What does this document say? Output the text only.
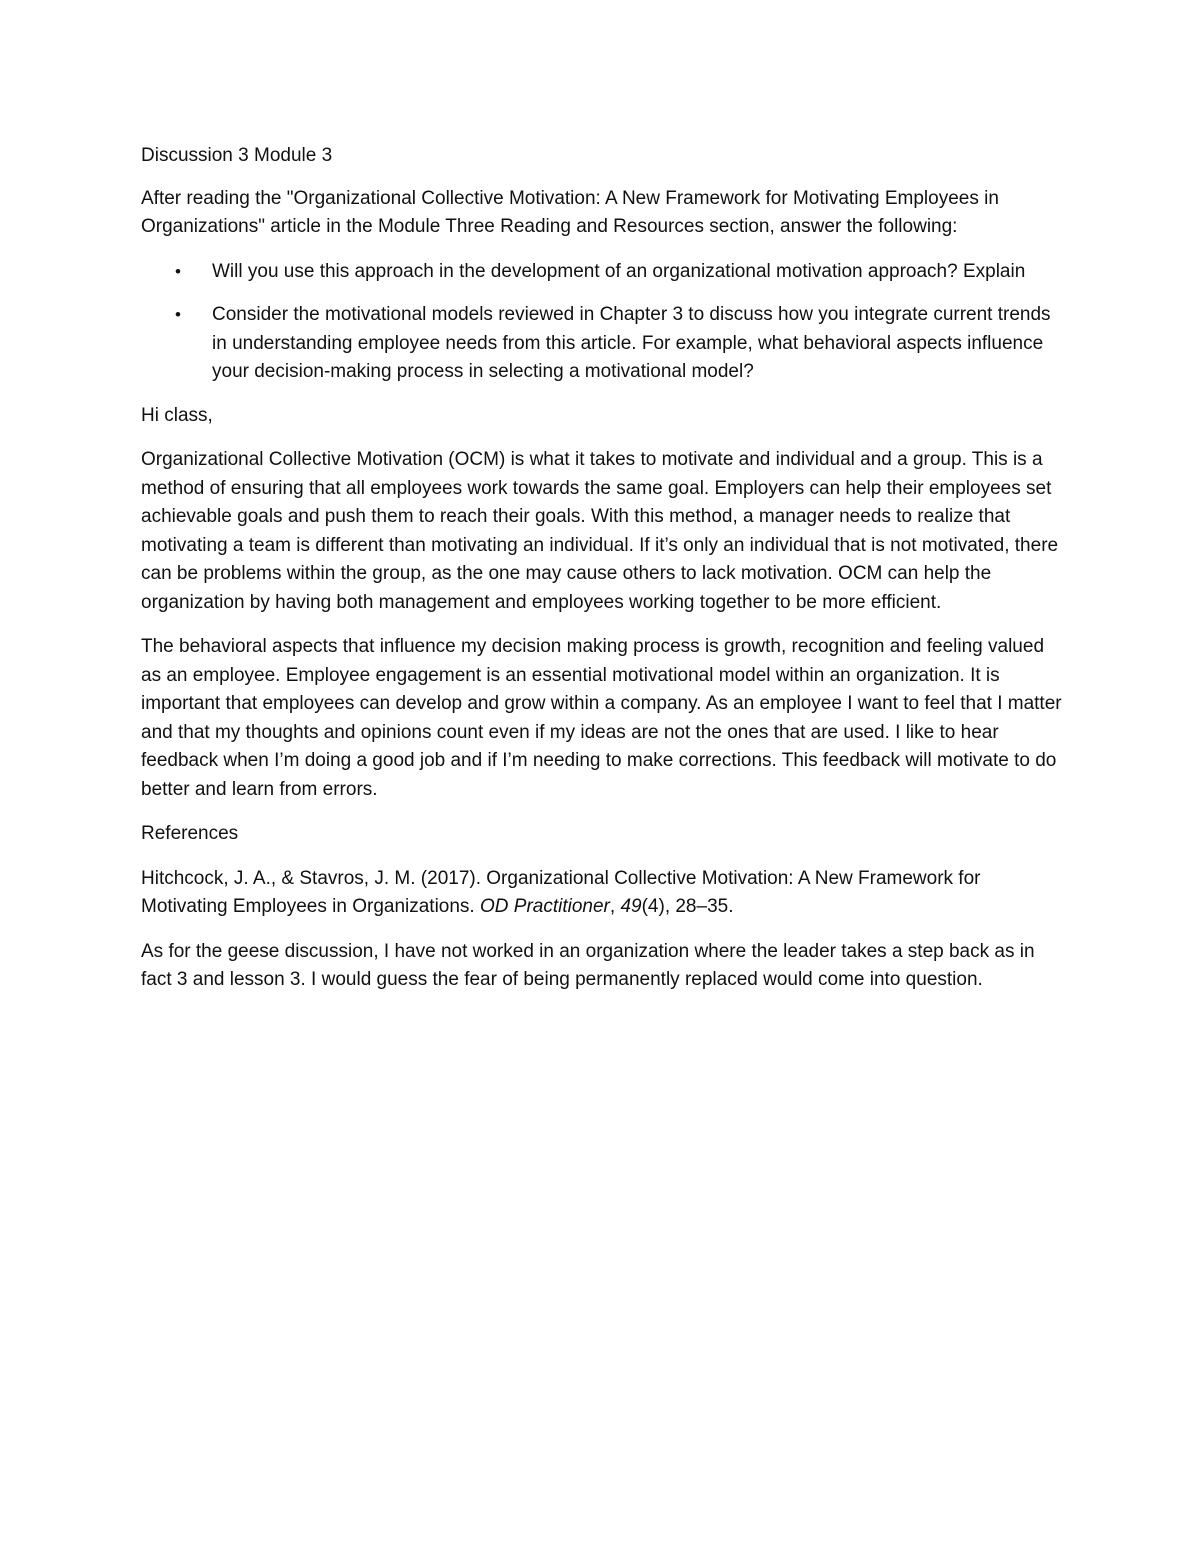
Discussion 3 Module 3

After reading the "Organizational Collective Motivation: A New Framework for Motivating Employees in Organizations" article in the Module Three Reading and Resources section, answer the following:

• Will you use this approach in the development of an organizational motivation approach? Explain
• Consider the motivational models reviewed in Chapter 3 to discuss how you integrate current trends in understanding employee needs from this article. For example, what behavioral aspects influence your decision-making process in selecting a motivational model?

Hi class,

Organizational Collective Motivation (OCM) is what it takes to motivate and individual and a group. This is a method of ensuring that all employees work towards the same goal. Employers can help their employees set achievable goals and push them to reach their goals. With this method, a manager needs to realize that motivating a team is different than motivating an individual. If it’s only an individual that is not motivated, there can be problems within the group, as the one may cause others to lack motivation. OCM can help the organization by having both management and employees working together to be more efficient.

The behavioral aspects that influence my decision making process is growth, recognition and feeling valued as an employee. Employee engagement is an essential motivational model within an organization. It is important that employees can develop and grow within a company. As an employee I want to feel that I matter and that my thoughts and opinions count even if my ideas are not the ones that are used. I like to hear feedback when I’m doing a good job and if I’m needing to make corrections. This feedback will motivate to do better and learn from errors.

References

Hitchcock, J. A., & Stavros, J. M. (2017). Organizational Collective Motivation: A New Framework for Motivating Employees in Organizations. OD Practitioner, 49(4), 28–35.

As for the geese discussion, I have not worked in an organization where the leader takes a step back as in fact 3 and lesson 3. I would guess the fear of being permanently replaced would come into question.
